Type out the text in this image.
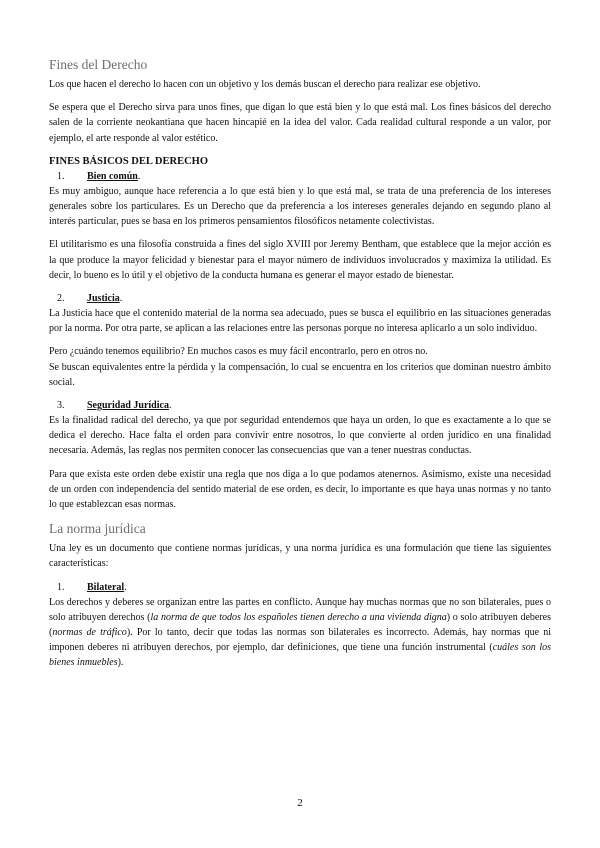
Fines del Derecho

Los que hacen el derecho lo hacen con un objetivo y los demás buscan el derecho para realizar ese objetivo.

Se espera que el Derecho sirva para unos fines, que digan lo que está bien y lo que está mal. Los fines básicos del derecho salen de la corriente neokantiana que hacen hincapié en la idea del valor. Cada realidad cultural responde a un valor, por ejemplo, el arte responde al valor estético.

FINES BÁSICOS DEL DERECHO
1.	Bien común.

Es muy ambiguo, aunque hace referencia a lo que está bien y lo que está mal, se trata de una preferencia de los intereses generales sobre los particulares. Es un Derecho que da preferencia a los intereses generales dejando en segundo plano al interés particular, pues se basa en los primeros pensamientos filosóficos netamente colectivistas.

El utilitarismo es una filosofía construida a fines del siglo XVIII por Jeremy Bentham, que establece que la mejor acción es la que produce la mayor felicidad y bienestar para el mayor número de individuos involucrados y maximiza la utilidad. Es decir, lo bueno es lo útil y el objetivo de la conducta humana es generar el mayor estado de bienestar.

2.	Justicia.

La Justicia hace que el contenido material de la norma sea adecuado, pues se busca el equilibrio en las situaciones generadas por la norma. Por otra parte, se aplican a las relaciones entre las personas porque no interesa aplicarlo a un solo individuo.

Pero ¿cuándo tenemos equilibrio? En muchos casos es muy fácil encontrarlo, pero en otros no.

Se buscan equivalentes entre la pérdida y la compensación, lo cual se encuentra en los criterios que dominan nuestro ámbito social.

3.	Seguridad Jurídica.

Es la finalidad radical del derecho, ya que por seguridad entendemos que haya un orden, lo que es exactamente a lo que se dedica el derecho. Hace falta el orden para convivir entre nosotros, lo que convierte al orden jurídico en una finalidad necesaria. Además, las reglas nos permiten conocer las consecuencias que van a tener nuestras conductas.

Para que exista este orden debe existir una regla que nos diga a lo que podamos atenernos. Asimismo, existe una necesidad de un orden con independencia del sentido material de ese orden, es decir, lo importante es que haya unas normas y no tanto lo que establezcan esas normas.

La norma jurídica

Una ley es un documento que contiene normas jurídicas, y una norma jurídica es una formulación que tiene las siguientes características:

1.	Bilateral.

Los derechos y deberes se organizan entre las partes en conflicto. Aunque hay muchas normas que no son bilaterales, pues o solo atribuyen derechos (la norma de que todos los españoles tienen derecho a una vivienda digna) o solo atribuyen deberes (normas de tráfico). Por lo tanto, decir que todas las normas son bilaterales es incorrecto. Además, hay normas que ni imponen deberes ni atribuyen derechos, por ejemplo, dar definiciones, que tiene una función instrumental (cuáles son los bienes inmuebles).

2
